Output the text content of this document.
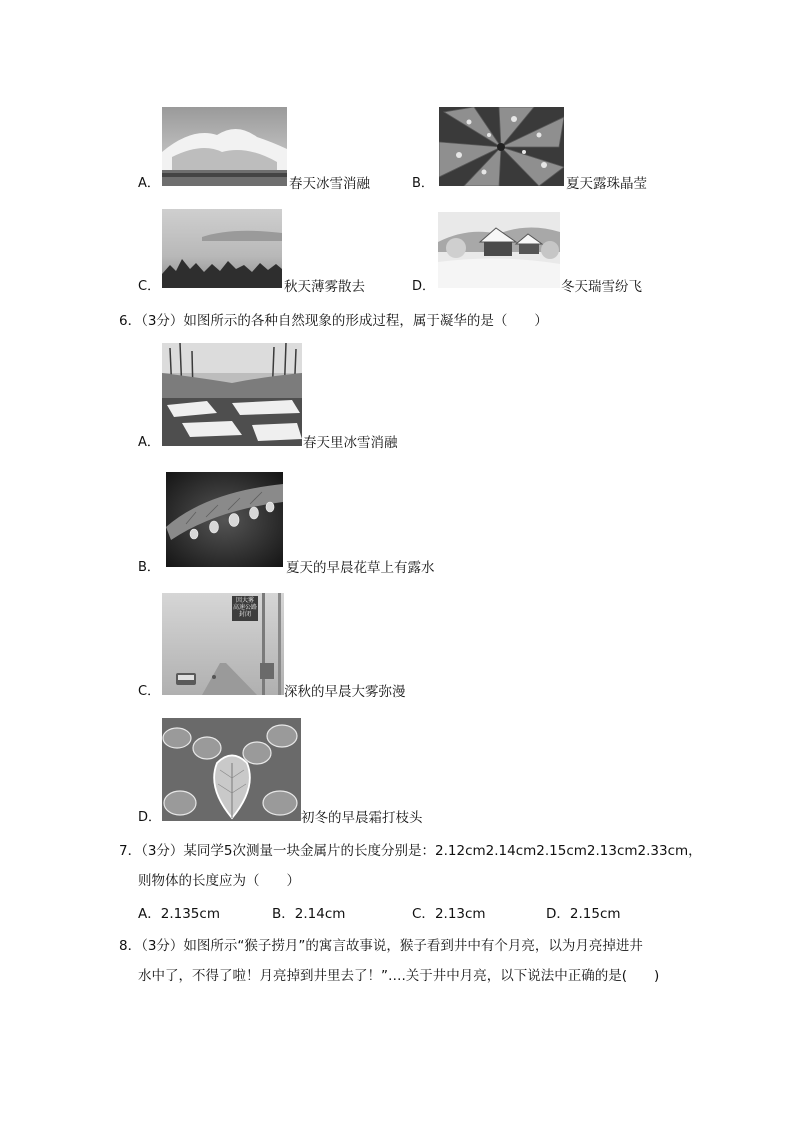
A．	春天冰雪消融	B．	夏天露珠晶莹
C．	秋天薄雾散去	D．	冬天瑞雪纷飞
6．（3分）如图所示的各种自然现象的形成过程，属于凝华的是（　　）
A．	春天里冰雪消融
B．	夏天的早晨花草上有露水
因大雾
高速公路
封闭
C．	深秋的早晨大雾弥漫
D．	初冬的早晨霜打枝头
7．（3分）某同学5次测量一块金属片的长度分别是：2.12cm2.14cm2.15cm2.13cm2.33cm，
则物体的长度应为（　　）
A．2.135cm	B．2.14cm	C．2.13cm	D．2.15cm
8．（3分）如图所示“猴子捞月”的寓言故事说，猴子看到井中有个月亮，以为月亮掉进井
水中了，不得了啦！月亮掉到井里去了！”….关于井中月亮，以下说法中正确的是(　　)
